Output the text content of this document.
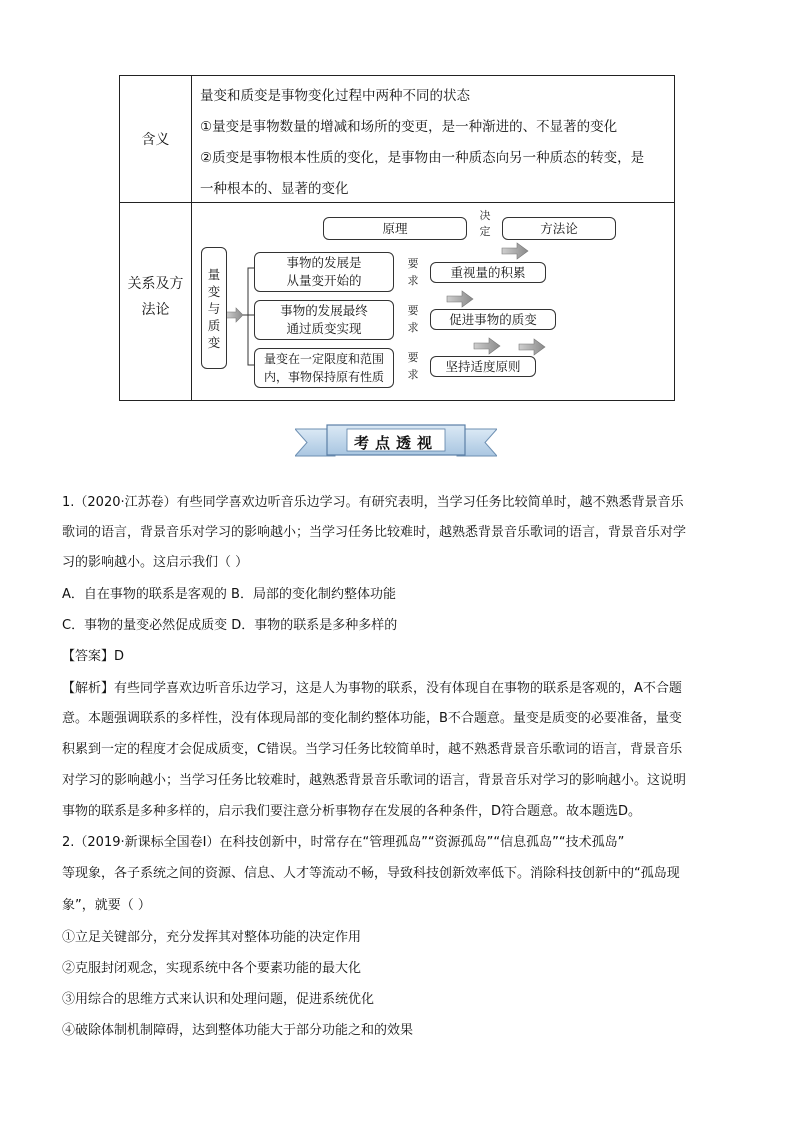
含义
量变和质变是事物变化过程中两种不同的状态
①量变是事物数量的增减和场所的变更，是一种渐进的、不显著的变化
②质变是事物根本性质的变化，是事物由一种质态向另一种质态的转变，是
一种根本的、显著的变化
关系及方
法论
原理	方法论
决
定
量
变
与
质
变
事物的发展是
从量变开始的
要
求
重视量的积累
事物的发展最终
通过质变实现
要
求
促进事物的质变
量变在一定限度和范围
内，事物保持原有性质
要
求
坚持适度原则
考点透视
1.（2020·江苏卷）有些同学喜欢边听音乐边学习。有研究表明，当学习任务比较简单时，越不熟悉背景音乐
歌词的语言，背景音乐对学习的影响越小；当学习任务比较难时，越熟悉背景音乐歌词的语言，背景音乐对学
习的影响越小。这启示我们（ ）
A．自在事物的联系是客观的 B．局部的变化制约整体功能
C．事物的量变必然促成质变 D．事物的联系是多种多样的
【答案】D
【解析】有些同学喜欢边听音乐边学习，这是人为事物的联系，没有体现自在事物的联系是客观的，A不合题
意。本题强调联系的多样性，没有体现局部的变化制约整体功能，B不合题意。量变是质变的必要准备，量变
积累到一定的程度才会促成质变，C错误。当学习任务比较简单时，越不熟悉背景音乐歌词的语言，背景音乐
对学习的影响越小；当学习任务比较难时，越熟悉背景音乐歌词的语言，背景音乐对学习的影响越小。这说明
事物的联系是多种多样的，启示我们要注意分析事物存在发展的各种条件，D符合题意。故本题选D。
2.（2019·新课标全国卷Ⅰ）在科技创新中，时常存在“管理孤岛”“资源孤岛”“信息孤岛”“技术孤岛”
等现象，各子系统之间的资源、信息、人才等流动不畅，导致科技创新效率低下。消除科技创新中的“孤岛现
象”，就要（ ）
①立足关键部分，充分发挥其对整体功能的决定作用
②克服封闭观念，实现系统中各个要素功能的最大化
③用综合的思维方式来认识和处理问题，促进系统优化
④破除体制机制障碍，达到整体功能大于部分功能之和的效果
